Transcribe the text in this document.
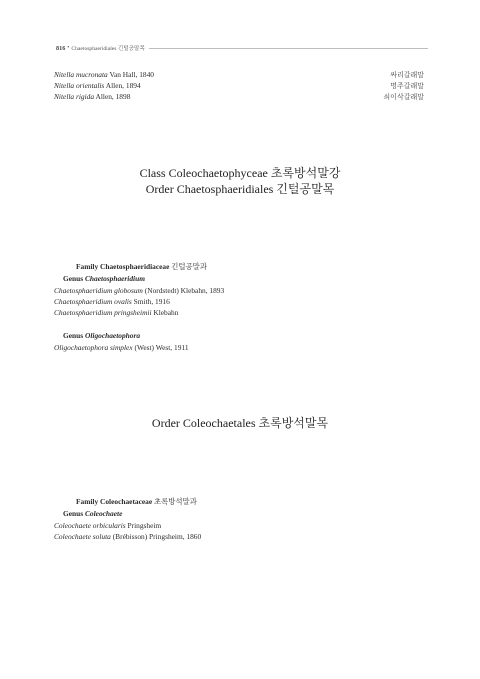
816 • Chaetosphaeridiales 긴털공말목
Nitella mucronata Van Hall, 1840	싸리갈래말
Nitella orientalis Allen, 1894	명주갈래말
Nitella rigida Allen, 1898	쇠이삭갈래말
Class Coleochaetophyceae 초록방석말강
Order Chaetosphaeridiales 긴털공말목
Family Chaetosphaeridiaceae 긴털공말과
Genus Chaetosphaeridium
Chaetosphaeridium globosum (Nordstedt) Klebahn, 1893
Chaetosphaeridium ovalis Smith, 1916
Chaetosphaeridium pringsheimii Klebahn
Genus Oligochaetophora
Oligochaetophora simplex (West) West, 1911
Order Coleochaetales 초록방석말목
Family Coleochaetaceae 초록방석말과
Genus Coleochaete
Coleochaete orbicularis Pringsheim
Coleochaete soluta (Brébisson) Pringsheim, 1860
